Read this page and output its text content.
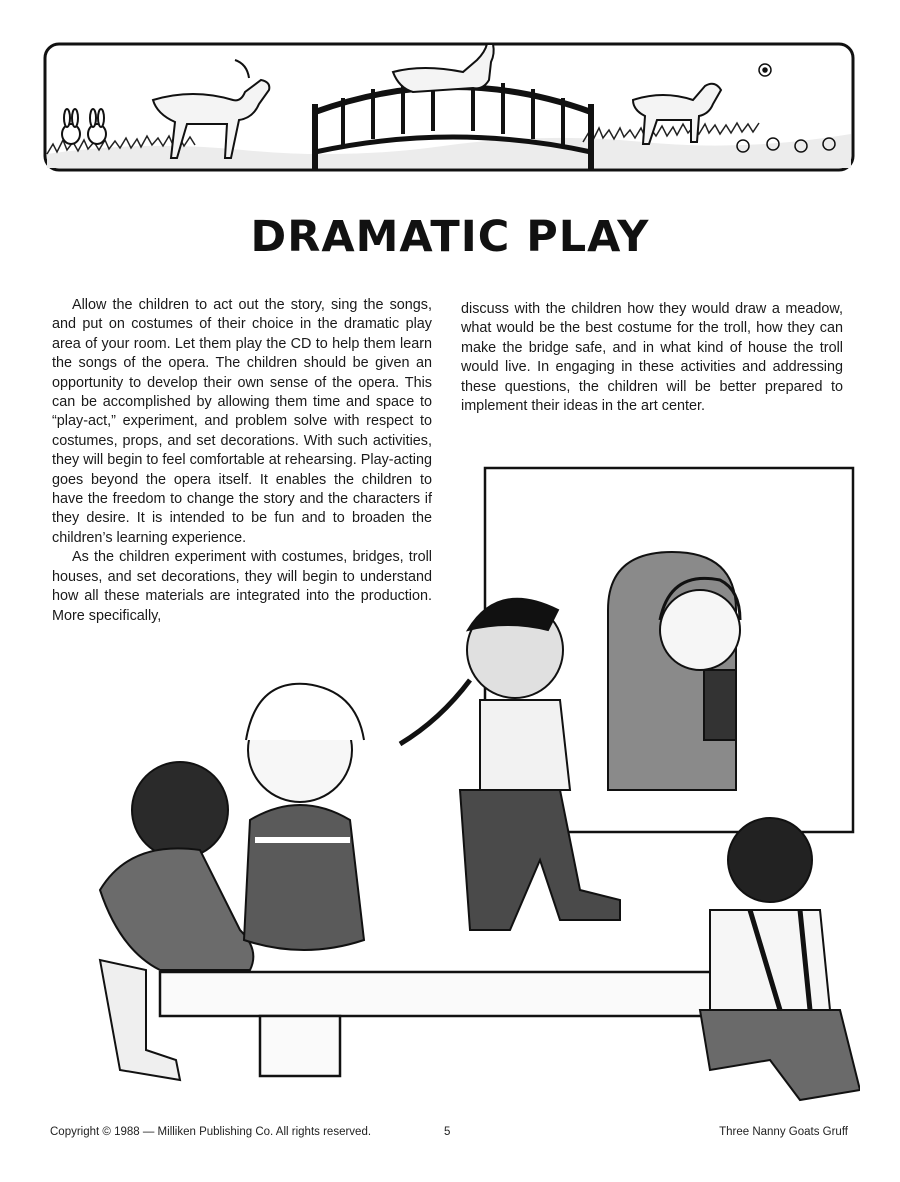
DRAMATIC PLAY

Allow the children to act out the story, sing the songs, and put on costumes of their choice in the dramatic play area of your room. Let them play the CD to help them learn the songs of the opera. The children should be given an opportunity to develop their own sense of the opera. This can be accomplished by allowing them time and space to “play-act,” experiment, and problem solve with respect to costumes, props, and set decorations. With such activities, they will begin to feel comfortable at rehearsing. Play-acting goes beyond the opera itself. It enables the children to have the freedom to change the story and the characters if they desire. It is intended to be fun and to broaden the children’s learning experience.

As the children experiment with costumes, bridges, troll houses, and set decorations, they will begin to understand how all these materials are integrated into the production. More specifically,

discuss with the children how they would draw a meadow, what would be the best costume for the troll, how they can make the bridge safe, and in what kind of house the troll would live. In engaging in these activities and addressing these questions, the children will be better prepared to implement their ideas in the art center.

Copyright © 1988 — Milliken Publishing Co. All rights reserved.	5	Three Nanny Goats Gruff
